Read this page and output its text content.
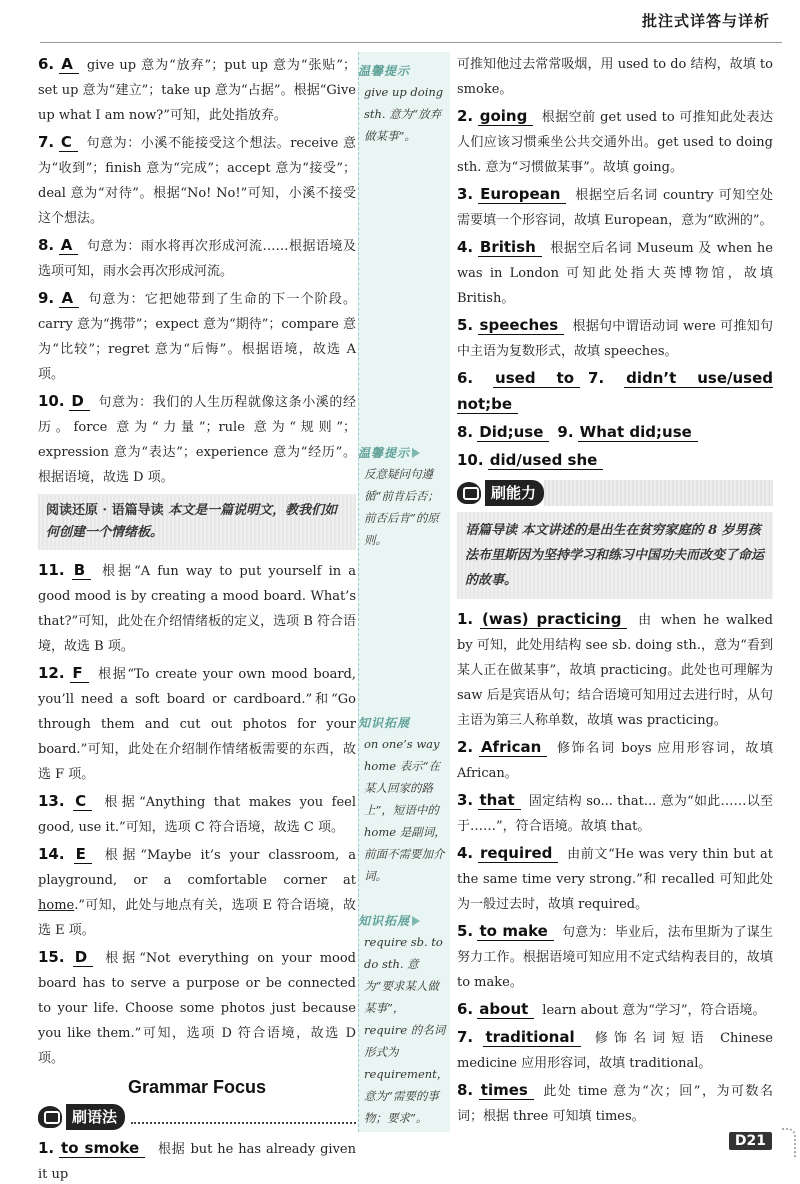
批注式详答与详析
6. A give up 意为“放弃”；put up 意为“张贴”；set up 意为“建立”；take up 意为“占据”。根据“Give up what I am now?”可知，此处指放弃。
7. C 句意为：小溪不能接受这个想法。receive 意为“收到”；finish 意为“完成”；accept 意为“接受”；deal 意为“对待”。根据“No! No!”可知，小溪不接受这个想法。
8. A 句意为：雨水将再次形成河流……根据语境及选项可知，雨水会再次形成河流。
9. A 句意为：它把她带到了生命的下一个阶段。carry 意为“携带”；expect 意为“期待”；compare 意为“比较”；regret 意为“后悔”。根据语境，故选 A 项。
10. D 句意为：我们的人生历程就像这条小溪的经历。force 意为“力量”；rule 意为“规则”；expression 意为“表达”；experience 意为“经历”。根据语境，故选 D 项。
阅读还原 · 语篇导读 本文是一篇说明文，教我们如何创建一个情绪板。
11. B 根据“A fun way to put yourself in a good mood is by creating a mood board. What’s that?”可知，此处在介绍情绪板的定义，选项 B 符合语境，故选 B 项。
12. F 根据“To create your own mood board, you’ll need a soft board or cardboard.”和“Go through them and cut out photos for your board.”可知，此处在介绍制作情绪板需要的东西，故选 F 项。
13. C 根据“Anything that makes you feel good, use it.”可知，选项 C 符合语境，故选 C 项。
14. E 根据“Maybe it’s your classroom, a playground, or a comfortable corner at home.”可知，此处与地点有关，选项 E 符合语境，故选 E 项。
15. D 根据“Not everything on your mood board has to serve a purpose or be connected to your life. Choose some photos just because you like them.”可知，选项 D 符合语境，故选 D 项。
Grammar Focus
刷语法
1. to smoke 根据 but he has already given it up
温馨提示
give up doing sth. 意为“放弃做某事”。
温馨提示
反意疑问句遵循“前肯后否；前否后肯”的原则。
知识拓展
on one’s way home 表示“在某人回家的路上”，短语中的 home 是副词，前面不需要加介词。
知识拓展
require sb. to do sth. 意为“要求某人做某事”，require 的名词形式为 requirement，意为“需要的事物；要求”。
可推知他过去常常吸烟，用 used to do 结构，故填 to smoke。
2. going 根据空前 get used to 可推知此处表达人们应该习惯乘坐公共交通外出。get used to doing sth. 意为“习惯做某事”。故填 going。
3. European 根据空后名词 country 可知空处需要填一个形容词，故填 European，意为“欧洲的”。
4. British 根据空后名词 Museum 及 when he was in London 可知此处指大英博物馆，故填 British。
5. speeches 根据句中谓语动词 were 可推知句中主语为复数形式，故填 speeches。
6. used to 7. didn’t use/used not;be
8. Did;use 9. What did;use
10. did/used she
刷能力
语篇导读 本文讲述的是出生在贫穷家庭的 8 岁男孩法布里斯因为坚持学习和练习中国功夫而改变了命运的故事。
1. (was) practicing 由 when he walked by 可知，此处用结构 see sb. doing sth.，意为“看到某人正在做某事”，故填 practicing。此处也可理解为 saw 后是宾语从句；结合语境可知用过去进行时，从句主语为第三人称单数，故填 was practicing。
2. African 修饰名词 boys 应用形容词，故填 African。
3. that 固定结构 so... that... 意为“如此……以至于……”，符合语境。故填 that。
4. required 由前文“He was very thin but at the same time very strong.”和 recalled 可知此处为一般过去时，故填 required。
5. to make 句意为：毕业后，法布里斯为了谋生努力工作。根据语境可知应用不定式结构表目的，故填 to make。
6. about learn about 意为“学习”，符合语境。
7. traditional 修饰名词短语 Chinese medicine 应用形容词，故填 traditional。
8. times 此处 time 意为“次；回”，为可数名词；根据 three 可知填 times。
D21
